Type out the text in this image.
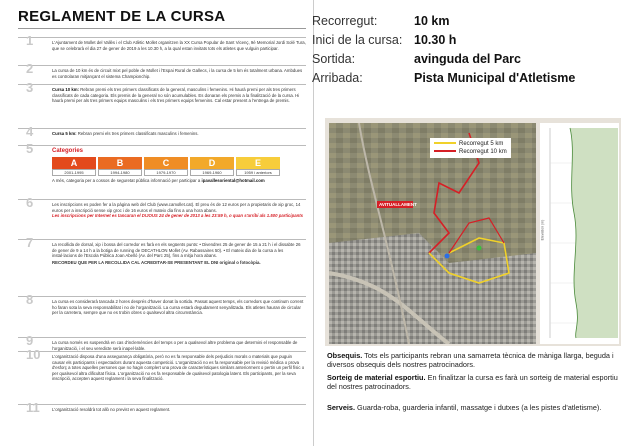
REGLAMENT DE LA CURSA
1	L'Ajuntament de Mollet del Vallès i el Club Atlètic Mollet organitzen la XX Cursa Popular de Sant Vicenç, 9è Memorial Jordi Solé Tura, que se celebrarà el dia 27 de gener de 2019 a les 10.30 h, a la qual estan invitats tots els atletes que vulguin participar.
2	La cursa de 10 km és de circuit mixt pel poble de Mollet i l'Espai Rural de Gallecs, i la cursa de 5 km és totalment urbana. Ambdues es controlaran mitjançant el sistema Championchip.
3	Cursa 10 km: Rebran premi els tres primers classificats de la general, masculins i femenins. Hi haurà premi per als tres primers classificats de cada categoria. Els premis de la general no són acumulables. Es donaran els premis a la finalització de la cursa. Hi haurà premi per als tres primers equips masculins i els tres primers equips femenins. Cal estar present a l'entrega de premis.
4	Cursa 5 km: Rebran premi els tres primers classificats masculins i femenins.
5	Categories
A
2001-1995
B
1994-1980
C
1979-1970
D
1969-1960
E
1959 i anteriors
A més, categoria per a cossos de seguretat pública informació per participar a ipavallesoriental@hotmail.com
6	Les inscripcions es poden fer a la pàgina web del Club (www.camollet.cat). El preu és de 12 euros per a propietaris de xip groc, 14 euros per a inscripció sense xip groc i de 16 euros el mateix dia fins a una hora abans.
Les inscripcions per Internet es tancaran el DIJOUS 24 de gener de 2013 a les 23:59 h, o quan s'arribi als 1.500 participants
7	La recollida de dorsal, xip i bossa del corredor es farà en els següents punts: • Divendres 25 de gener de 15 a 21 h i el dissabte 26 de gener de 9 a 14 h a la botiga de running de DECATHLON Mollet (Av. Rabassaires 50). • El mateix dia de la cursa a les instal·lacions de l'Escola Pública Joan Abelló (Av. del Parc 25), fins a mitja hora abans.
RECORDEU QUE PER LA RECOLLIDA CAL ACREDITAR-SE PRESENTANT EL DNI original o fotocòpia.
8	La cursa es considerarà tancada 2 hores després d'haver donat la sortida. Passat aquest temps, els corredors que continuïn corrent ho faran sota la seva responsabilitat i no de l'organització. La cursa estarà degudament senyalitzada. Els atletes hauran de circular per la carretera, sempre que no es trobin obres o qualsevol altra circumstància.
9	La cursa només es suspendrà en cas d'inclemències del temps o per a qualsevol altre problema que determini el responsable de l'organització, i el seu veredicte serà inapel·lable.
10	L'organització disposa d'una assegurança obligatòria, però no es fa responsable dels perjudicis morals o materials que puguin causar els participants i espectadors durant aquesta competició. L'organització no es fa responsable per la revisió mèdica o prova d'esforç a totes aquelles persones que no hagin complert una prova de característiques similars anteriorment o pertin un perfil físic o per qualsevol altra dificultat física. L'organització no es fa responsable de qualsevol patologia latent. Els participants, per la seva inscripció, accepten aquest reglament i la seva finalització.
11	L'organització resoldrà tot allò no previst en aquest reglament.
Recorregut:	10 km
Inici de la cursa: 10.30 h
Sortida:	avinguda del Parc
Arribada:	Pista Municipal d'Atletisme
AVITUALLAMENT
Recorregut 5 km
Recorregut 10 km
Elevation (m)
Obsequis. Tots els participants rebran una samarreta tècnica de màniga llarga, beguda i diversos obsequis dels nostres patrocinadors.
Sorteig de material esportiu. En finalitzar la cursa es farà un sorteig de material esportiu del nostres patrocinadors.
Serveis. Guarda-roba, guarderia infantil, massatge i dutxes (a les pistes d'atletisme).
